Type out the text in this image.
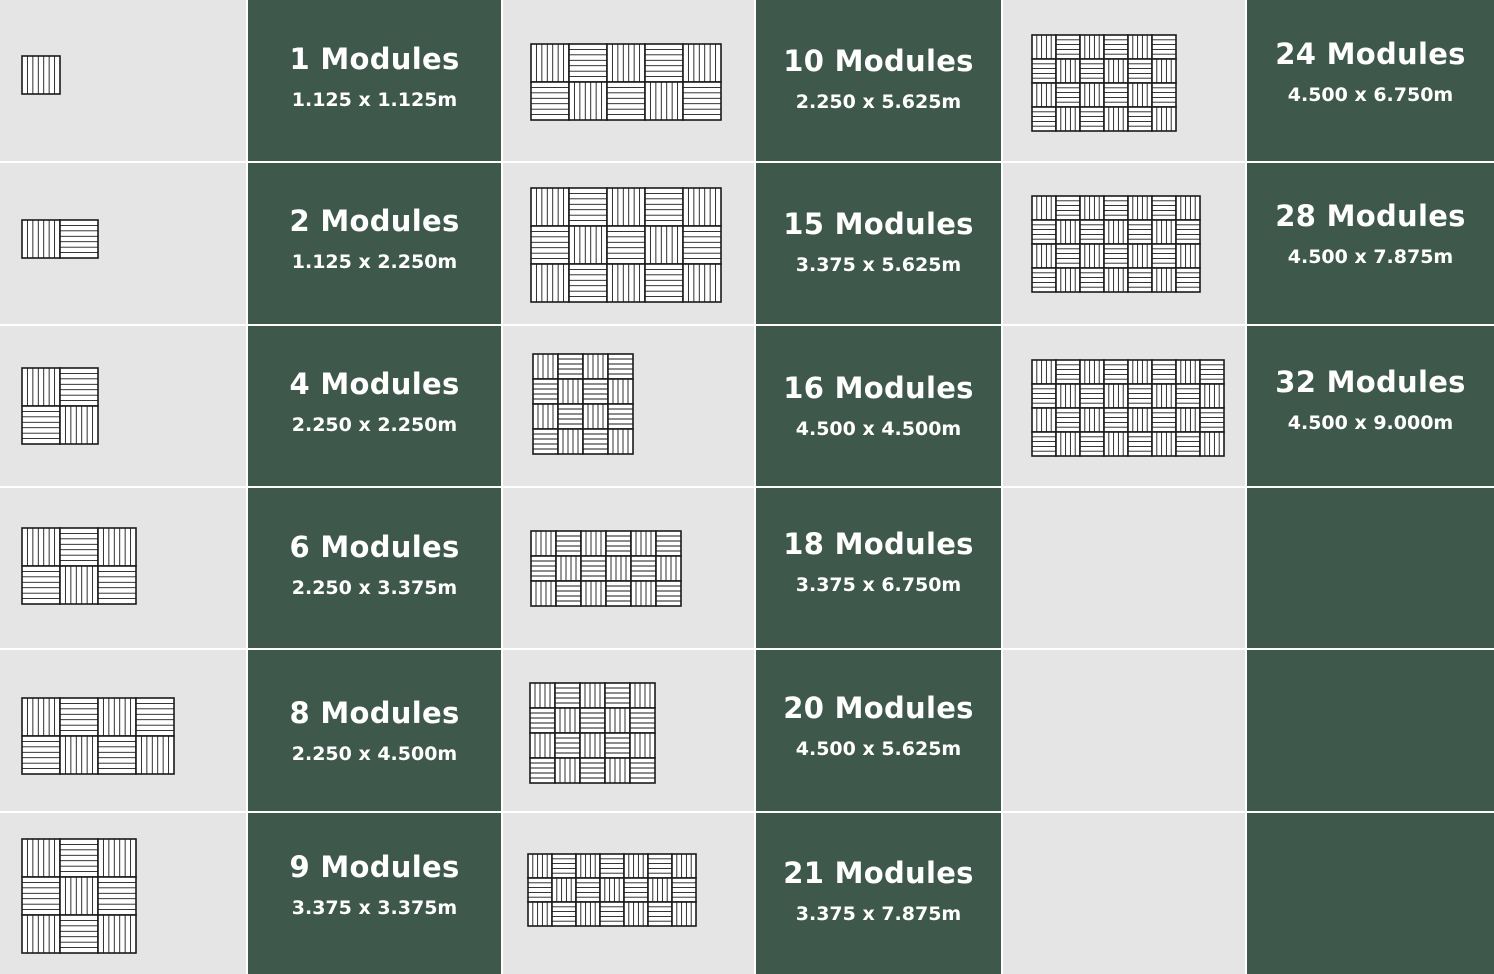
1 Modules
1.125 x 1.125m
2 Modules
1.125 x 2.250m
4 Modules
2.250 x 2.250m
6 Modules
2.250 x 3.375m
8 Modules
2.250 x 4.500m
9 Modules
3.375 x 3.375m
10 Modules
2.250 x 5.625m
15 Modules
3.375 x 5.625m
16 Modules
4.500 x 4.500m
18 Modules
3.375 x 6.750m
20 Modules
4.500 x 5.625m
21 Modules
3.375 x 7.875m
24 Modules
4.500 x 6.750m
28 Modules
4.500 x 7.875m
32 Modules
4.500 x 9.000m
